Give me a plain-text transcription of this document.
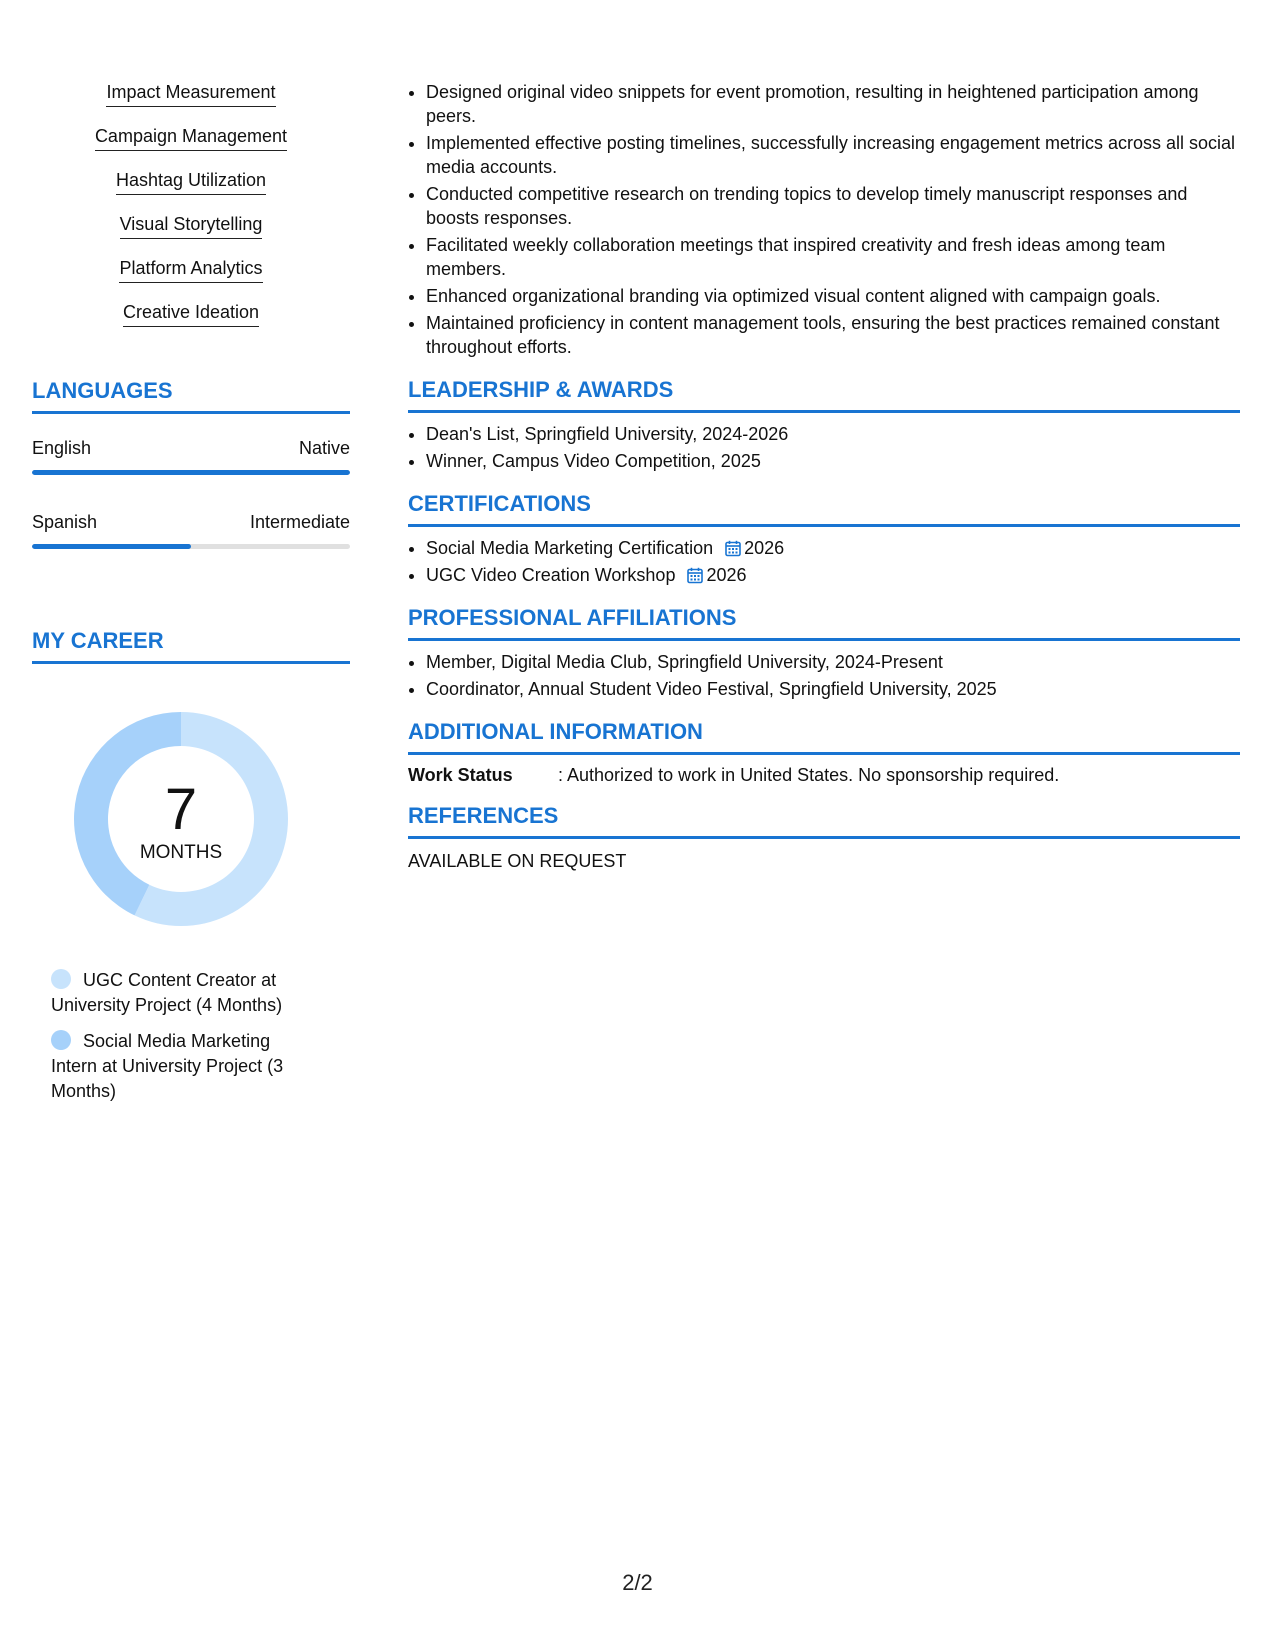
Impact Measurement
Campaign Management
Hashtag Utilization
Visual Storytelling
Platform Analytics
Creative Ideation
LANGUAGES
English	Native
Spanish	Intermediate
MY CAREER
7
MONTHS
UGC Content Creator at University Project (4 Months)
Social Media Marketing Intern at University Project (3 Months)
• Designed original video snippets for event promotion, resulting in heightened participation among peers.
• Implemented effective posting timelines, successfully increasing engagement metrics across all social media accounts.
• Conducted competitive research on trending topics to develop timely manuscript responses and boosts responses.
• Facilitated weekly collaboration meetings that inspired creativity and fresh ideas among team members.
• Enhanced organizational branding via optimized visual content aligned with campaign goals.
• Maintained proficiency in content management tools, ensuring the best practices remained constant throughout efforts.
LEADERSHIP & AWARDS
• Dean's List, Springfield University, 2024-2026
• Winner, Campus Video Competition, 2025
CERTIFICATIONS
• Social Media Marketing Certification 2026
• UGC Video Creation Workshop 2026
PROFESSIONAL AFFILIATIONS
• Member, Digital Media Club, Springfield University, 2024-Present
• Coordinator, Annual Student Video Festival, Springfield University, 2025
ADDITIONAL INFORMATION
Work Status	: Authorized to work in United States. No sponsorship required.
REFERENCES
AVAILABLE ON REQUEST
2/2
